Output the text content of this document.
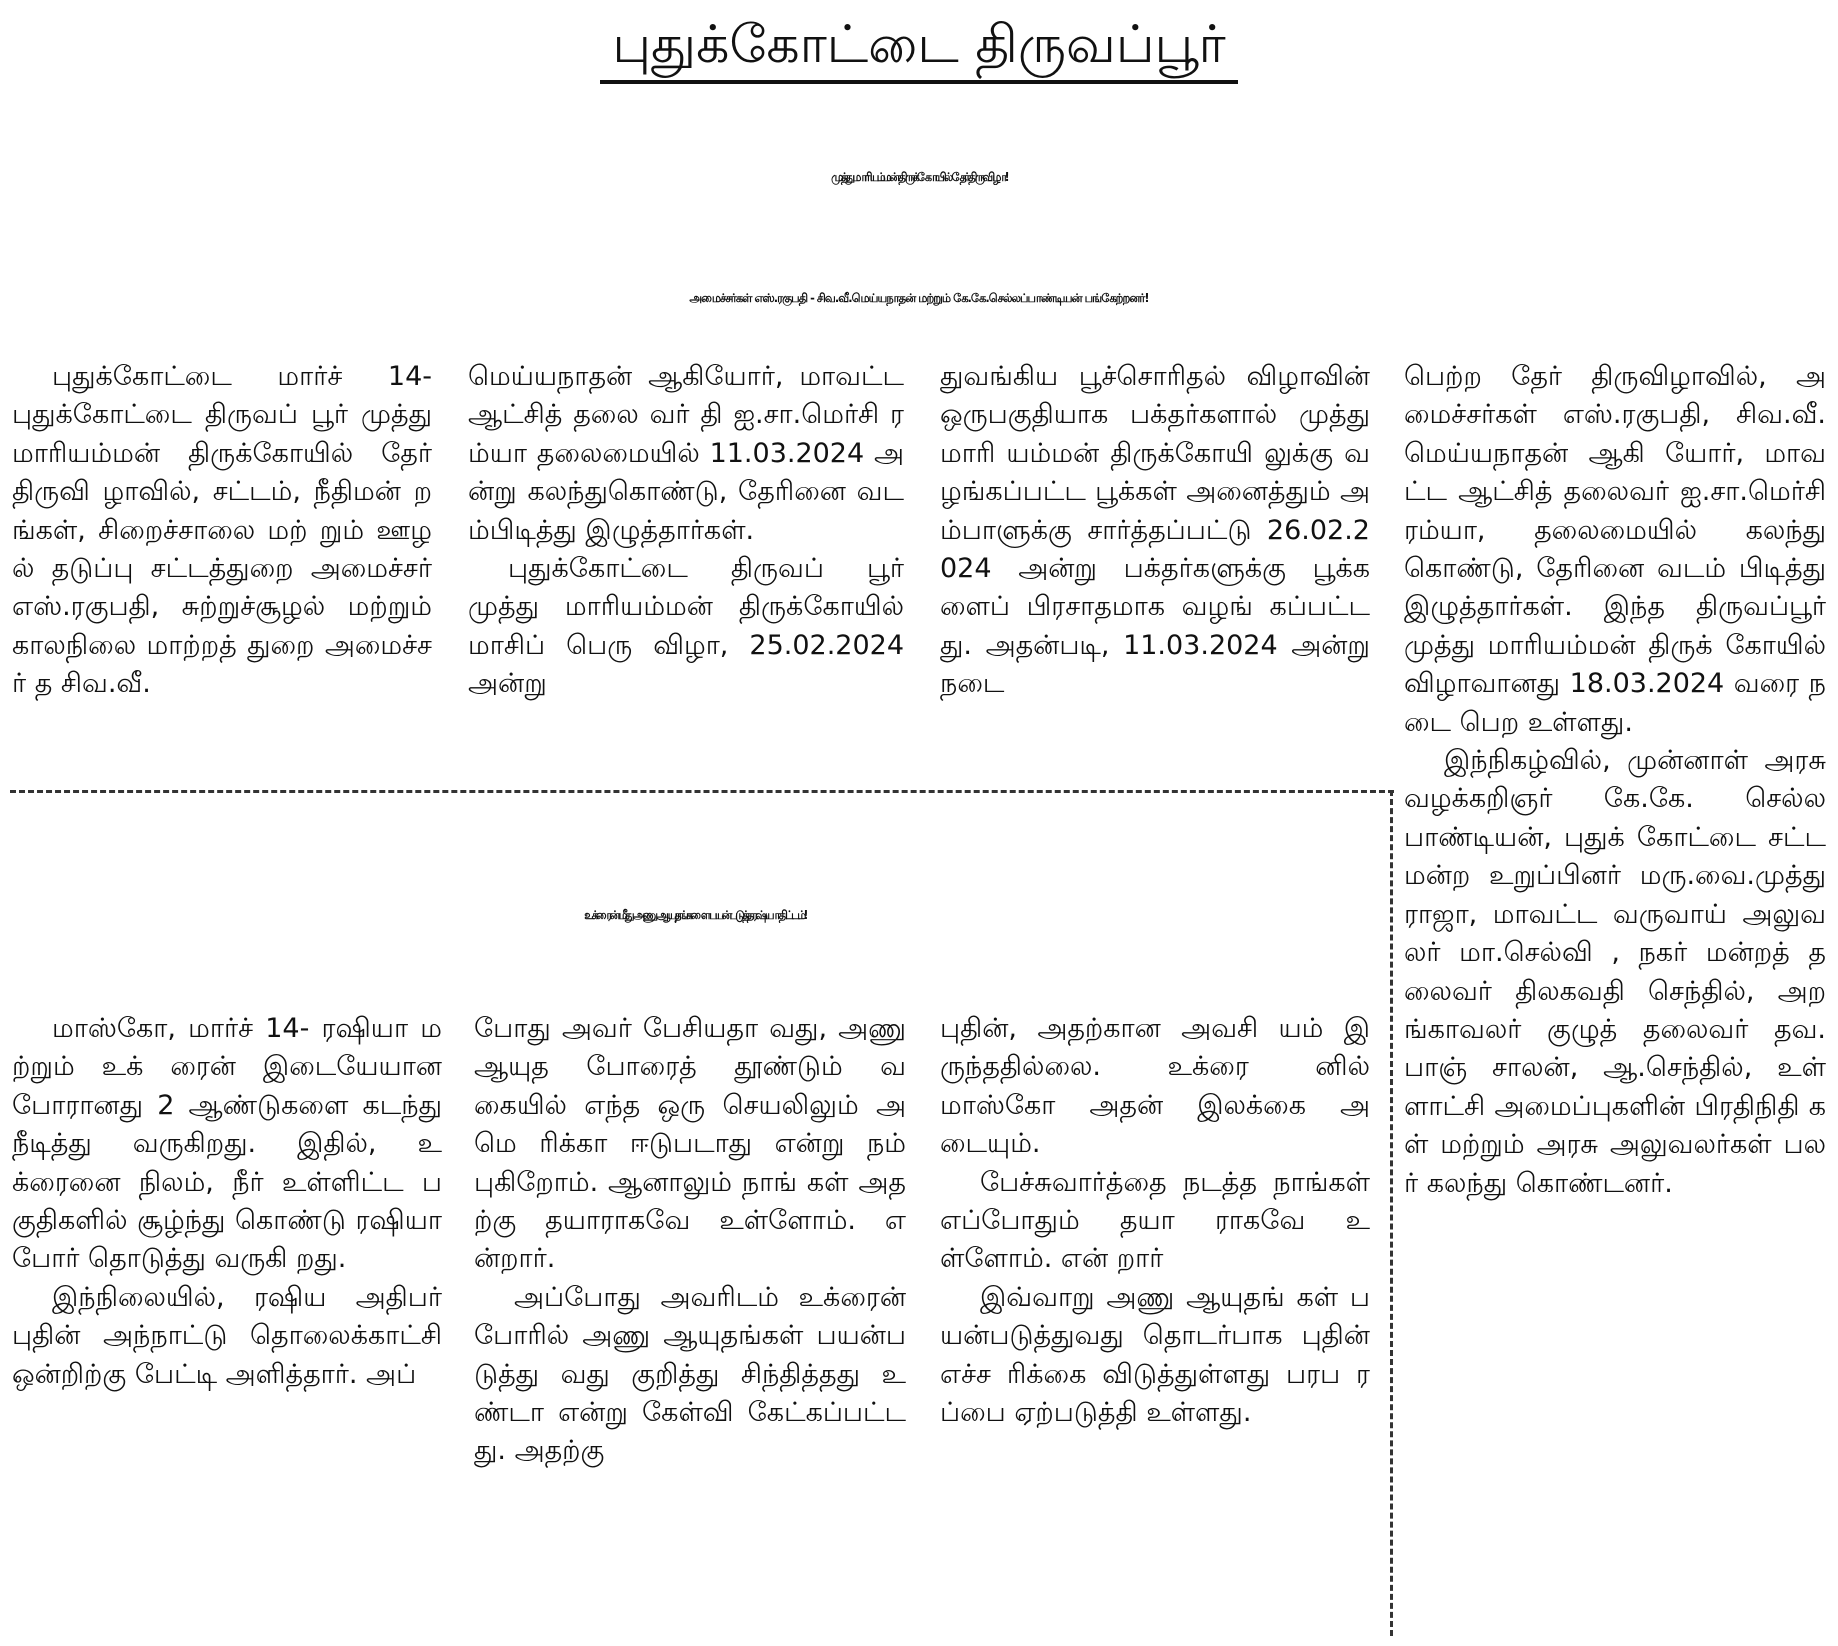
புதுக்கோட்டை திருவப்பூர்
முத்துமாரியம்மன் திருக்கோயில் தேர் திருவிழா!
அமைச்சர்கள் எஸ்.ரகுபதி - சிவ.வீ.மெய்யநாதன் மற்றும் கே.கே.செல்லப்பாண்டியன் பங்கேற்றனர்!

புதுக்கோட்டை மார்ச் 14- புதுக்கோட்டை திருவப் பூர் முத்து மாரியம்மன் திருக்கோயில் தேர் திருவி ழாவில், சட்டம், நீதிமன் றங்கள், சிறைச்சாலை மற் றும் ஊழல் தடுப்பு சட்டத்துறை அமைச்சர் எஸ்.ரகுபதி, சுற்றுச்சூழல் மற்றும் காலநிலை மாற்றத் துறை அமைச்சர் த சிவ.வீ.

மெய்யநாதன் ஆகியோர், மாவட்ட ஆட்சித் தலை வர் தி ஐ.சா.மெர்சி ரம்யா தலைமையில் 11.03.2024 அன்று கலந்துகொண்டு, தேரினை வடம்பிடித்து இழுத்தார்கள்.

புதுக்கோட்டை திருவப் பூர் முத்து மாரியம்மன் திருக்கோயில் மாசிப் பெரு விழா, 25.02.2024 அன்று

துவங்கிய பூச்சொரிதல் விழாவின் ஒருபகுதியாக பக்தர்களால் முத்து மாரி யம்மன் திருக்கோயி லுக்கு வழங்கப்பட்ட பூக்கள் அனைத்தும் அம்பாளுக்கு சார்த்தப்பட்டு 26.02.2024 அன்று பக்தர்களுக்கு பூக்க ளைப் பிரசாதமாக வழங் கப்பட்டது. அதன்படி, 11.03.2024 அன்று நடை

பெற்ற தேர் திருவிழாவில், அமைச்சர்கள் எஸ்.ரகுபதி, சிவ.வீ.மெய்யநாதன் ஆகி யோர், மாவட்ட ஆட்சித் தலைவர் ஐ.சா.மெர்சி ரம்யா, தலைமையில் கலந்து கொண்டு, தேரினை வடம் பிடித்து இழுத்தார்கள். இந்த திருவப்பூர் முத்து மாரியம்மன் திருக் கோயில் விழாவானது 18.03.2024 வரை நடை பெற உள்ளது.

இந்நிகழ்வில், முன்னாள் அரசு வழக்கறிஞர் கே.கே. செல்லபாண்டியன், புதுக் கோட்டை சட்டமன்ற உறுப்பினர் மரு.வை.முத்து ராஜா, மாவட்ட வருவாய் அலுவலர் மா.செல்வி , நகர் மன்றத் தலைவர் திலகவதி செந்தில், அறங்காவலர் குழுத் தலைவர் தவ.பாஞ் சாலன், ஆ.செந்தில், உள் ளாட்சி அமைப்புகளின் பிரதிநிதி கள் மற்றும் அரசு அலுவலர்கள் பலர் கலந்து கொண்டனர்.

உக்ரைன் மீது அணு ஆயுதங்களை பயன்படுத்த ரஷ்யா திட்டம்!

மாஸ்கோ, மார்ச் 14- ரஷியா மற்றும் உக் ரைன் இடையேயான போரானது 2 ஆண்டுகளை கடந்து நீடித்து வருகிறது. இதில், உக்ரைனை நிலம், நீர் உள்ளிட்ட பகுதிகளில் சூழ்ந்து கொண்டு ரஷியா போர் தொடுத்து வருகி றது.

இந்நிலையில், ரஷிய அதிபர் புதின் அந்நாட்டு தொலைக்காட்சி ஒன்றிற்கு பேட்டி அளித்தார். அப்

போது அவர் பேசியதா வது, அணு ஆயுத போரைத் தூண்டும் வகையில் எந்த ஒரு செயலிலும் அமெ ரிக்கா ஈடுபடாது என்று நம் புகிறோம். ஆனாலும் நாங் கள் அதற்கு தயாராகவே உள்ளோம். என்றார்.

அப்போது அவரிடம் உக்ரைன் போரில் அணு ஆயுதங்கள் பயன்படுத்து வது குறித்து சிந்தித்தது உண்டா என்று கேள்வி கேட்கப்பட்டது. அதற்கு

புதின், அதற்கான அவசி யம் இருந்ததில்லை. உக்ரை னில் மாஸ்கோ அதன் இலக்கை அடையும்.

பேச்சுவார்த்தை நடத்த நாங்கள் எப்போதும் தயா ராகவே உள்ளோம். என் றார்

இவ்வாறு அணு ஆயுதங் கள் பயன்படுத்துவது தொடர்பாக புதின் எச்ச ரிக்கை விடுத்துள்ளது பரப ரப்பை ஏற்படுத்தி உள்ளது.
